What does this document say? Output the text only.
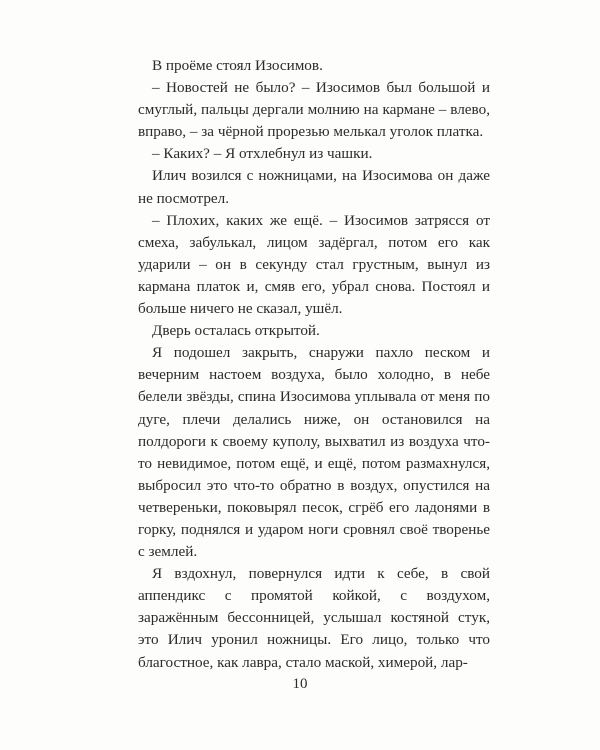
В проёме стоял Изосимов.

– Новостей не было? – Изосимов был большой и смуглый, пальцы дергали молнию на кармане – влево, вправо, – за чёрной прорезью мелькал уголок платка.

– Каких? – Я отхлебнул из чашки.

Илич возился с ножницами, на Изосимова он даже не посмотрел.

– Плохих, каких же ещё. – Изосимов затрясся от смеха, забулькал, лицом задёргал, потом его как ударили – он в секунду стал грустным, вынул из кармана платок и, смяв его, убрал снова. Постоял и больше ничего не сказал, ушёл.

Дверь осталась открытой.

Я подошел закрыть, снаружи пахло песком и вечерним настоем воздуха, было холодно, в небе белели звёзды, спина Изосимова уплывала от меня по дуге, плечи делались ниже, он остановился на полдороги к своему куполу, выхватил из воздуха что-то невидимое, потом ещё, и ещё, потом размахнулся, выбросил это что-то обратно в воздух, опустился на четвереньки, поковырял песок, сгрёб его ладонями в горку, поднялся и ударом ноги сровнял своё творенье с землей.

Я вздохнул, повернулся идти к себе, в свой аппендикс с промятой койкой, с воздухом, заражённым бессонницей, услышал костяной стук, это Илич уронил ножницы. Его лицо, только что благостное, как лавра, стало маской, химерой, лар-

10
